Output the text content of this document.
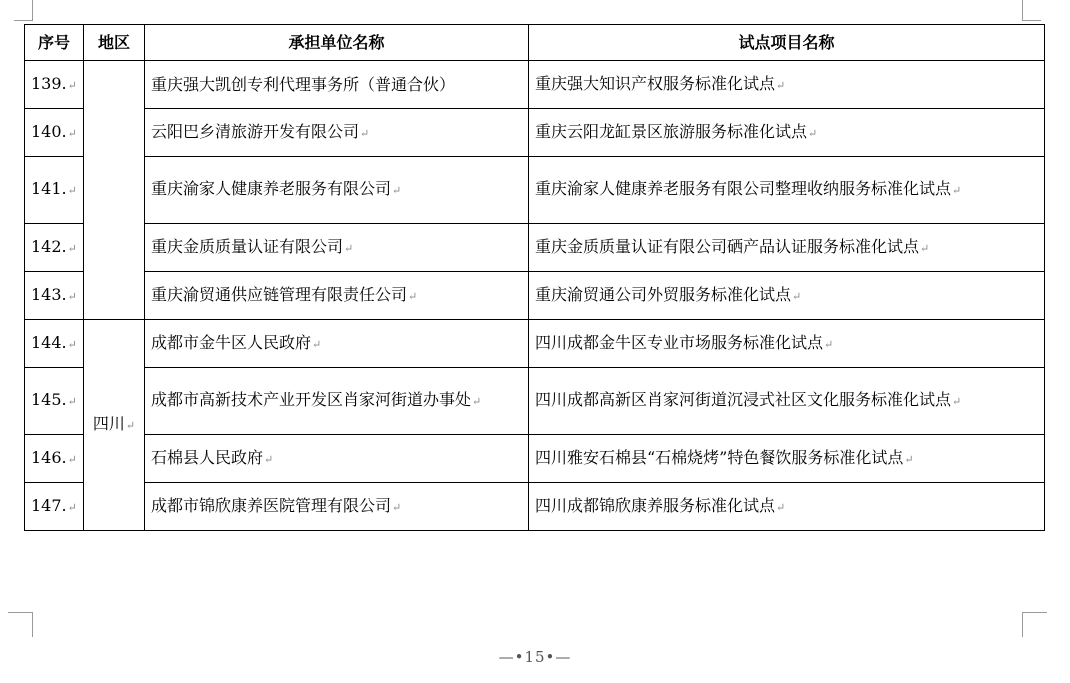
序号	地区	承担单位名称	试点项目名称
139.↵		重庆强大凯创专利代理事务所（普通合伙）	重庆强大知识产权服务标准化试点↵
140.↵		云阳巴乡清旅游开发有限公司↵	重庆云阳龙缸景区旅游服务标准化试点↵
141.↵		重庆渝家人健康养老服务有限公司↵	重庆渝家人健康养老服务有限公司整理收纳服务标准化试点↵
142.↵		重庆金质质量认证有限公司↵	重庆金质质量认证有限公司硒产品认证服务标准化试点↵
143.↵		重庆渝贸通供应链管理有限责任公司↵	重庆渝贸通公司外贸服务标准化试点↵
144.↵	四川↵	成都市金牛区人民政府↵	四川成都金牛区专业市场服务标准化试点↵
145.↵		成都市高新技术产业开发区肖家河街道办事处↵	四川成都高新区肖家河街道沉浸式社区文化服务标准化试点↵
146.↵		石棉县人民政府↵	四川雅安石棉县“石棉烧烤”特色餐饮服务标准化试点↵
147.↵		成都市锦欣康养医院管理有限公司↵	四川成都锦欣康养服务标准化试点↵
—•15•—
